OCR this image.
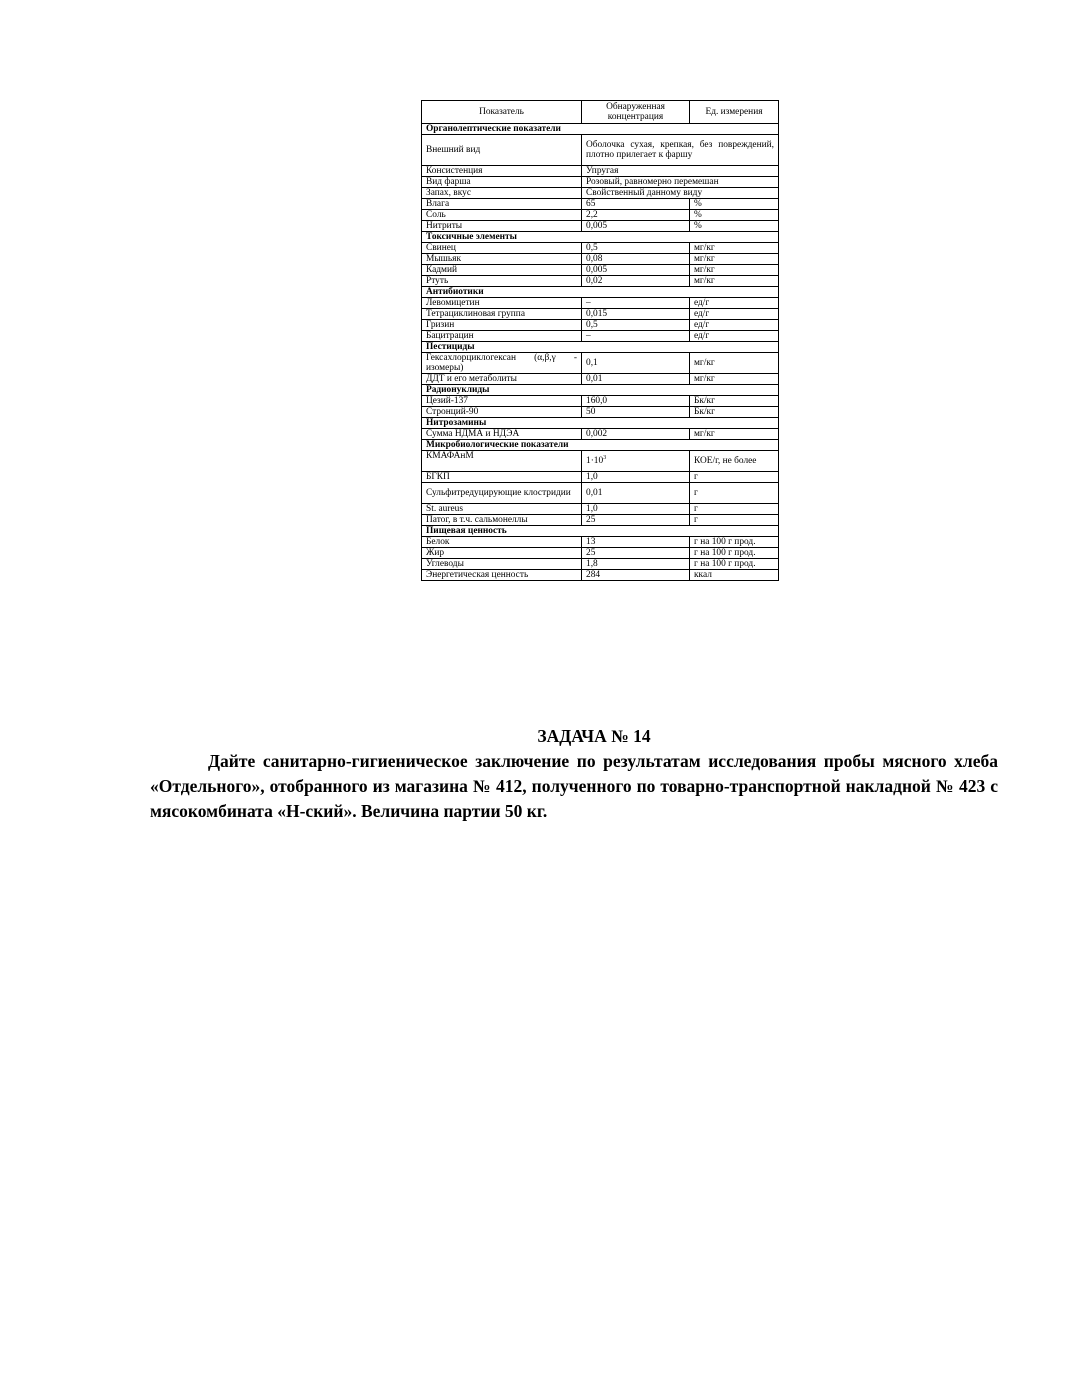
Показатель	Обнаруженная концентрация	Ед. измерения
Органолептические показатели		
Внешний вид	Оболочка сухая, крепкая, без повреждений, плотно прилегает к фаршу	
Консистенция	Упругая	
Вид фарша	Розовый, равномерно перемешан	
Запах, вкус	Свойственный данному виду	
Влага	65	%
Соль	2,2	%
Нитриты	0,005	%
Токсичные элементы		
Свинец	0,5	мг/кг
Мышьяк	0,08	мг/кг
Кадмий	0,005	мг/кг
Ртуть	0,02	мг/кг
Антибиотики		
Левомицетин	–	ед/г
Тетрациклиновая группа	0,015	ед/г
Гризин	0,5	ед/г
Бацитрацин	–	ед/г
Пестициды		
Гексахлорциклогексан (α,β,γ - изомеры)	0,1	мг/кг
ДДТ и его метаболиты	0,01	мг/кг
Радионуклиды		
Цезий-137	160,0	Бк/кг
Стронций-90	50	Бк/кг
Нитрозамины		
Сумма НДМА и НДЭА	0,002	мг/кг
Микробиологические показатели		
КМАФАнМ	$1\cdot 10^3$	КОЕ/г, не более
БГКП	1,0	г
Сульфитредуцирующие клостридии	0,01	г
St. aureus	1,0	г
Патог, в т.ч. сальмонеллы	25	г
Пищевая ценность		
Белок	13	г на 100 г прод.
Жир	25	г на 100 г прод.
Углеводы	1,8	г на 100 г прод.
Энергетическая ценность	284	ккал
ЗАДАЧА № 14
Дайте санитарно-гигиеническое заключение по результатам исследования пробы мясного хлеба «Отдельного», отобранного из магазина № 412, полученного по товарно-транспортной накладной № 423 с мясокомбината «Н-ский». Величина партии 50 кг.
